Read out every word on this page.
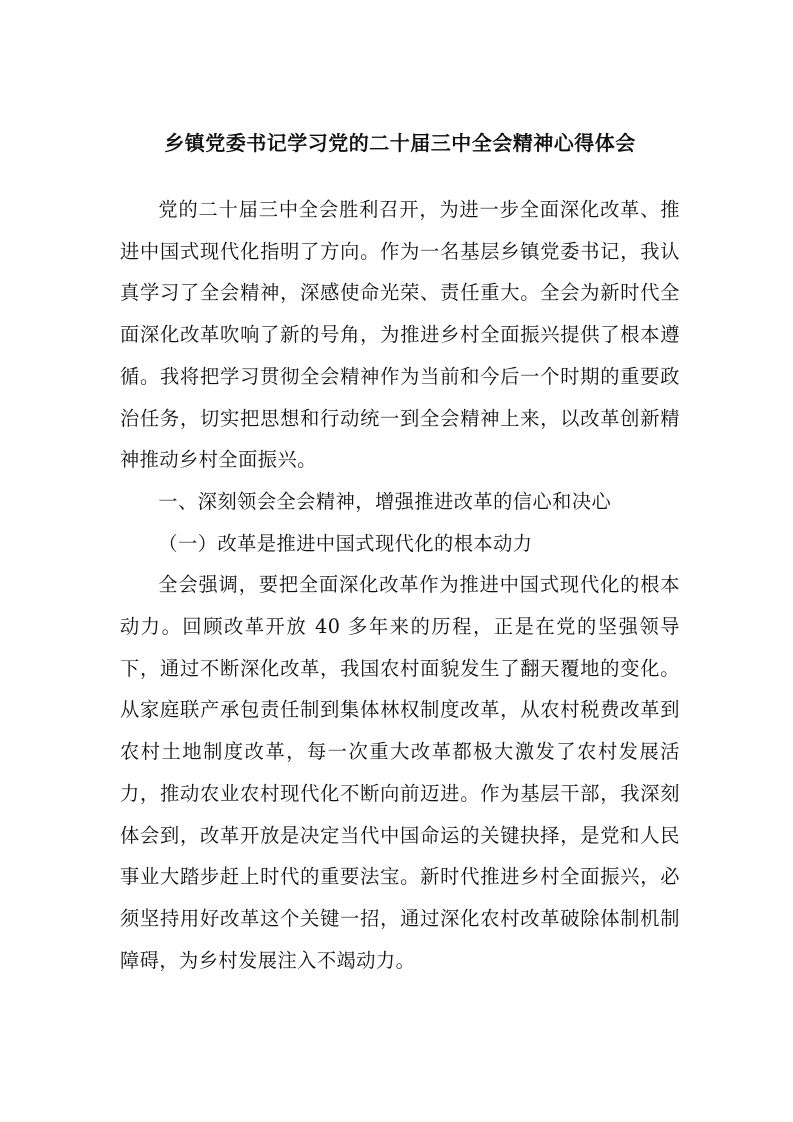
乡镇党委书记学习党的二十届三中全会精神心得体会

党的二十届三中全会胜利召开，为进一步全面深化改革、推进中国式现代化指明了方向。作为一名基层乡镇党委书记，我认真学习了全会精神，深感使命光荣、责任重大。全会为新时代全面深化改革吹响了新的号角，为推进乡村全面振兴提供了根本遵循。我将把学习贯彻全会精神作为当前和今后一个时期的重要政治任务，切实把思想和行动统一到全会精神上来，以改革创新精神推动乡村全面振兴。

一、深刻领会全会精神，增强推进改革的信心和决心

（一）改革是推进中国式现代化的根本动力

全会强调，要把全面深化改革作为推进中国式现代化的根本动力。回顾改革开放 40 多年来的历程，正是在党的坚强领导下，通过不断深化改革，我国农村面貌发生了翻天覆地的变化。从家庭联产承包责任制到集体林权制度改革，从农村税费改革到农村土地制度改革，每一次重大改革都极大激发了农村发展活力，推动农业农村现代化不断向前迈进。作为基层干部，我深刻体会到，改革开放是决定当代中国命运的关键抉择，是党和人民事业大踏步赶上时代的重要法宝。新时代推进乡村全面振兴，必须坚持用好改革这个关键一招，通过深化农村改革破除体制机制障碍，为乡村发展注入不竭动力。
